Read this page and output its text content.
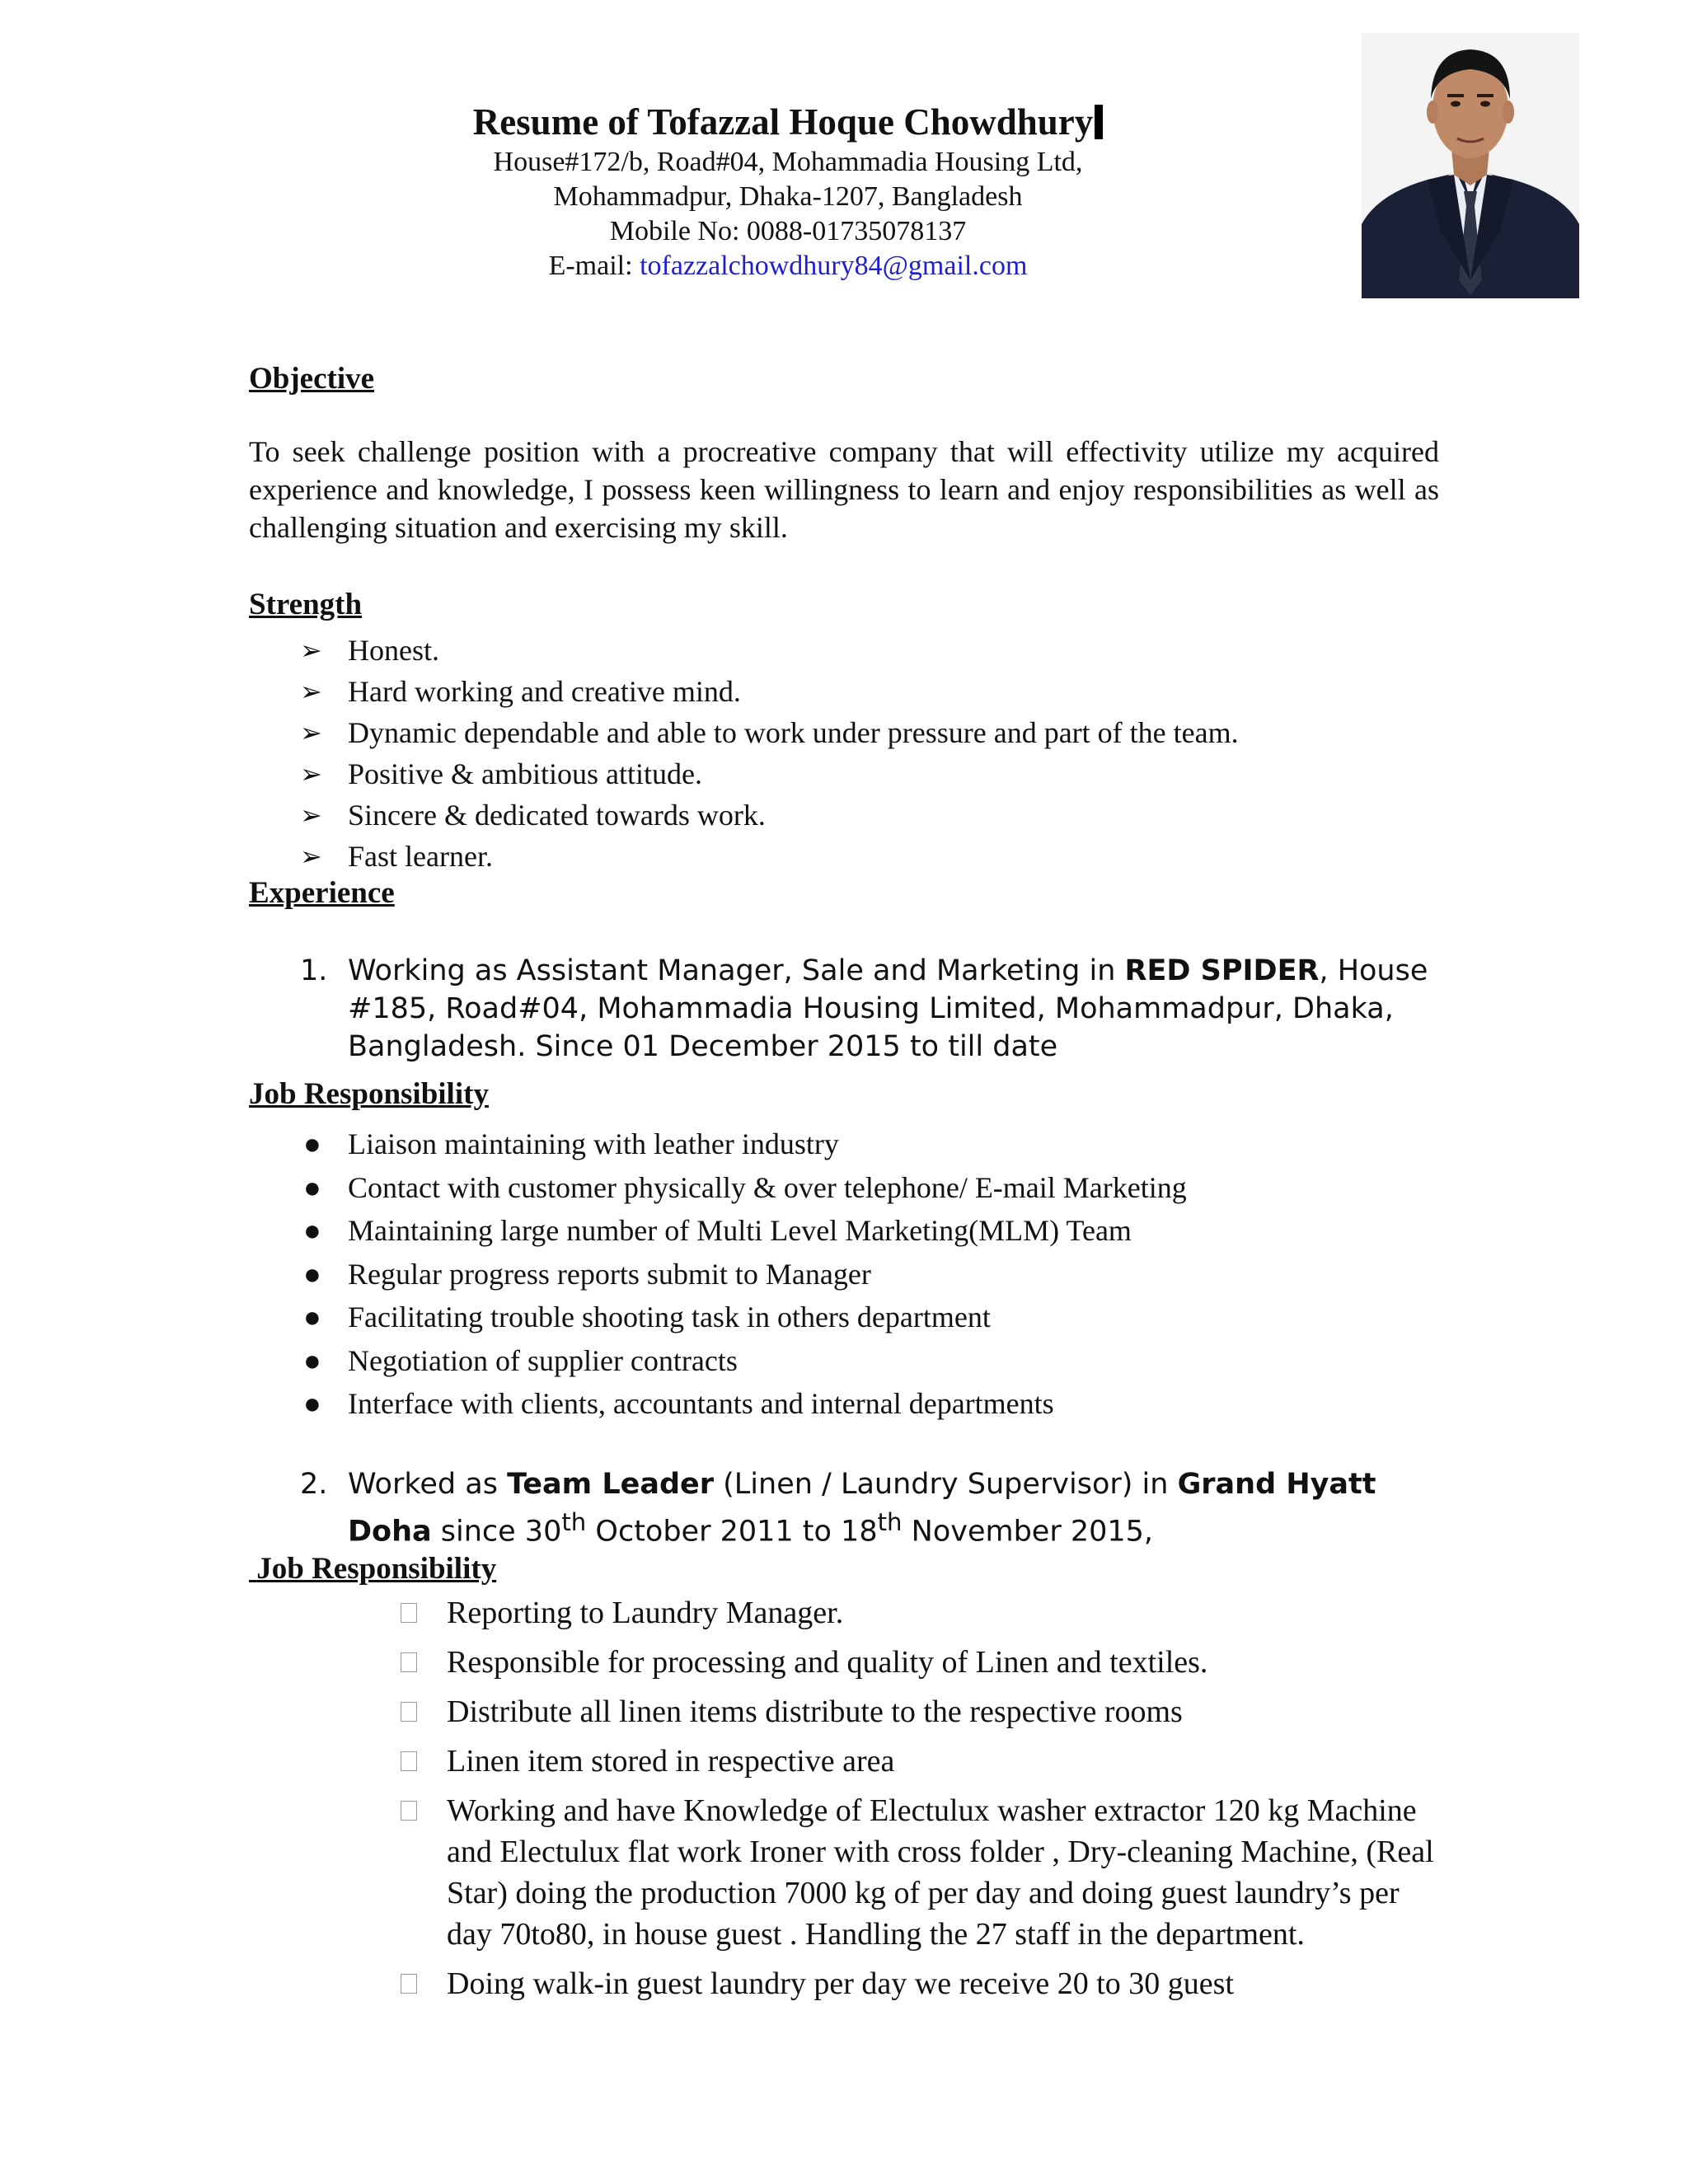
Resume of Tofazzal Hoque Chowdhury

House#172/b, Road#04, Mohammadia Housing Ltd,

Mohammadpur, Dhaka-1207, Bangladesh

Mobile No: 0088-01735078137

E-mail: tofazzalchowdhury84@gmail.com

Objective

To seek challenge position with a procreative company that will effectivity utilize my acquired experience and knowledge, I possess keen willingness to learn and enjoy responsibilities as well as challenging situation and exercising my skill.

Strength
➢ Honest.
➢ Hard working and creative mind.
➢ Dynamic dependable and able to work under pressure and part of the team.
➢ Positive & ambitious attitude.
➢ Sincere & dedicated towards work.
➢ Fast learner.
Experience
1. Working as Assistant Manager, Sale and Marketing in RED SPIDER, House #185, Road#04, Mohammadia Housing Limited, Mohammadpur, Dhaka, Bangladesh. Since 01 December 2015 to till date
Job Responsibility
● Liaison maintaining with leather industry
● Contact with customer physically & over telephone/ E-mail Marketing
● Maintaining large number of Multi Level Marketing(MLM) Team
● Regular progress reports submit to Manager
● Facilitating trouble shooting task in others department
● Negotiation of supplier contracts
● Interface with clients, accountants and internal departments
2. Worked as Team Leader (Linen / Laundry Supervisor) in Grand Hyatt
Doha since 30th October 2011 to 18th November 2015,
Job Responsibility
Reporting to Laundry Manager.
Responsible for processing and quality of Linen and textiles.
Distribute all linen items distribute to the respective rooms
Linen item stored in respective area
Working and have Knowledge of Electulux washer extractor 120 kg Machine and Electulux flat work Ironer with cross folder , Dry-cleaning Machine, (Real Star) doing the production 7000 kg of per day and doing guest laundry’s per day 70to80, in house guest . Handling the 27 staff in the department.
Doing walk-in guest laundry per day we receive 20 to 30 guest
